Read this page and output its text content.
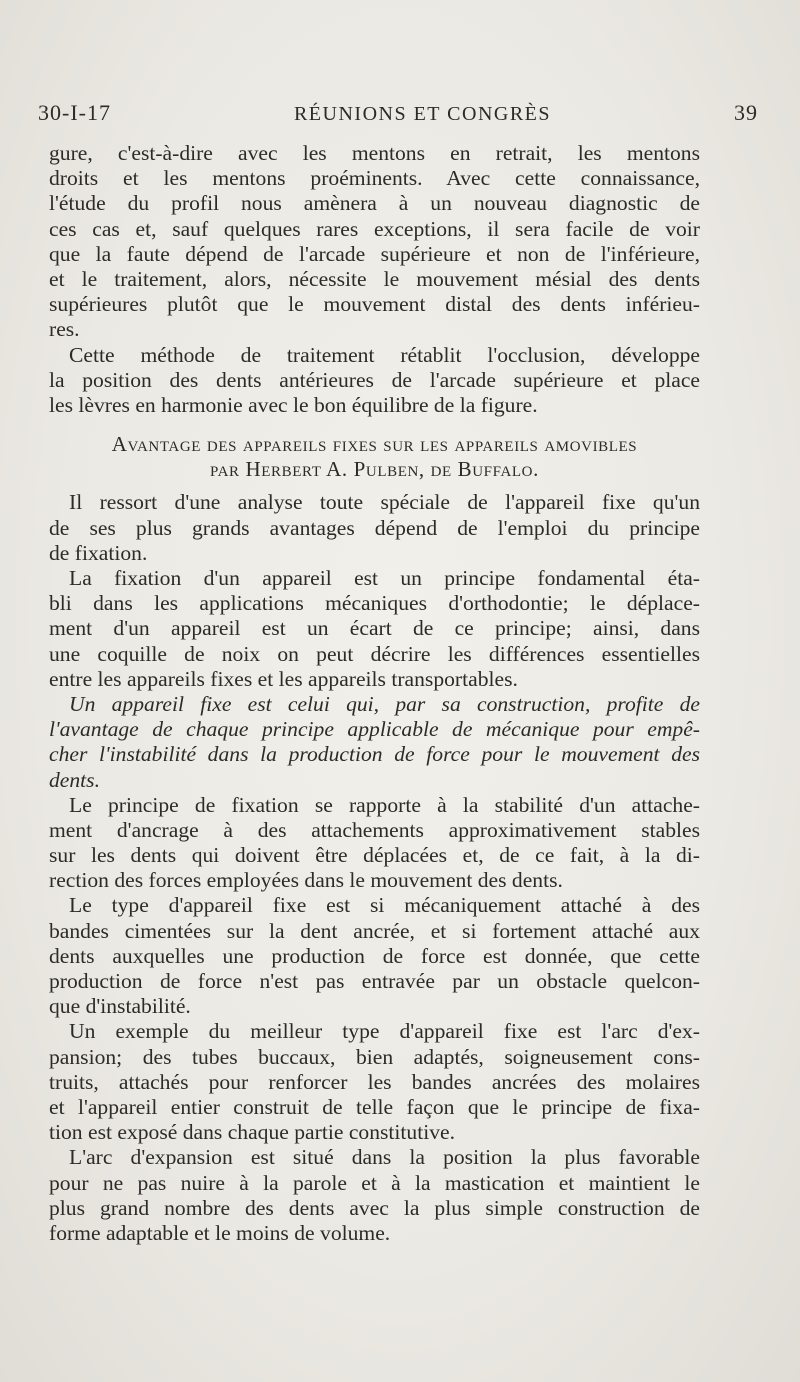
30-I-17	RÉUNIONS ET CONGRÈS	39
gure, c'est-à-dire avec les mentons en retrait, les mentons
droits et les mentons proéminents. Avec cette connaissance,
l'étude du profil nous amènera à un nouveau diagnostic de
ces cas et, sauf quelques rares exceptions, il sera facile de voir
que la faute dépend de l'arcade supérieure et non de l'inférieure,
et le traitement, alors, nécessite le mouvement mésial des dents
supérieures plutôt que le mouvement distal des dents inférieu-
res.
Cette méthode de traitement rétablit l'occlusion, développe
la position des dents antérieures de l'arcade supérieure et place
les lèvres en harmonie avec le bon équilibre de la figure.
Avantage des appareils fixes sur les appareils amovibles
par Herbert A. Pulben, de Buffalo.
Il ressort d'une analyse toute spéciale de l'appareil fixe qu'un
de ses plus grands avantages dépend de l'emploi du principe
de fixation.
La fixation d'un appareil est un principe fondamental éta-
bli dans les applications mécaniques d'orthodontie; le déplace-
ment d'un appareil est un écart de ce principe; ainsi, dans
une coquille de noix on peut décrire les différences essentielles
entre les appareils fixes et les appareils transportables.
Un appareil fixe est celui qui, par sa construction, profite de
l'avantage de chaque principe applicable de mécanique pour empê-
cher l'instabilité dans la production de force pour le mouvement des
dents.
Le principe de fixation se rapporte à la stabilité d'un attache-
ment d'ancrage à des attachements approximativement stables
sur les dents qui doivent être déplacées et, de ce fait, à la di-
rection des forces employées dans le mouvement des dents.
Le type d'appareil fixe est si mécaniquement attaché à des
bandes cimentées sur la dent ancrée, et si fortement attaché aux
dents auxquelles une production de force est donnée, que cette
production de force n'est pas entravée par un obstacle quelcon-
que d'instabilité.
Un exemple du meilleur type d'appareil fixe est l'arc d'ex-
pansion; des tubes buccaux, bien adaptés, soigneusement cons-
truits, attachés pour renforcer les bandes ancrées des molaires
et l'appareil entier construit de telle façon que le principe de fixa-
tion est exposé dans chaque partie constitutive.
L'arc d'expansion est situé dans la position la plus favorable
pour ne pas nuire à la parole et à la mastication et maintient le
plus grand nombre des dents avec la plus simple construction de
forme adaptable et le moins de volume.
